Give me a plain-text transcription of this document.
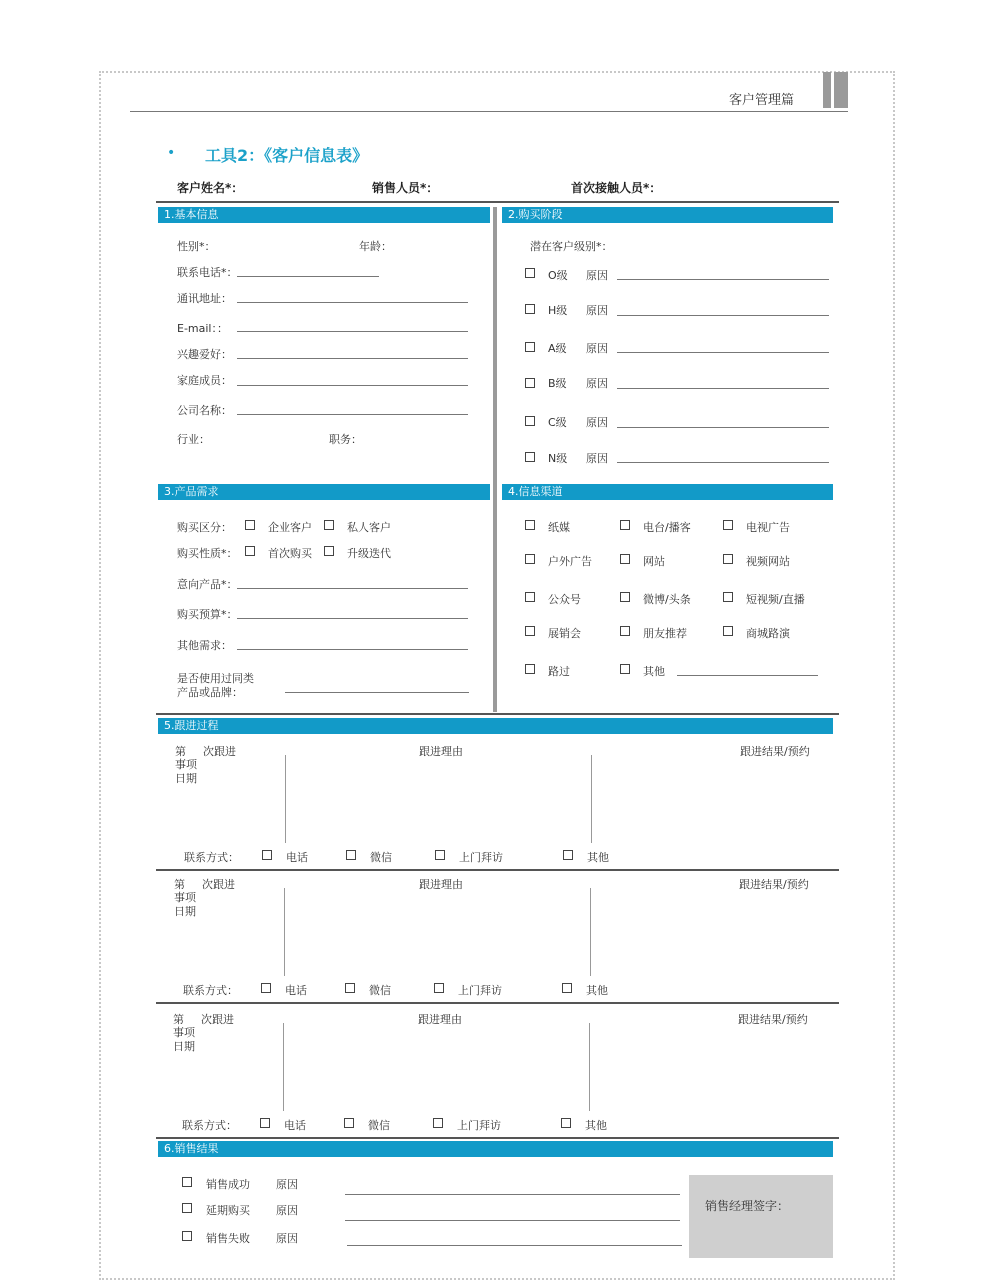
客户管理篇
• 工具2：《客户信息表》
客户姓名*：	销售人员*：	首次接触人员*：
1.基本信息
性别*：	年龄：
联系电话*：
通讯地址：
E-mail：：
兴趣爱好：
家庭成员：
公司名称：
行业：	职务：
2.购买阶段
潜在客户级别*：
O级 原因
H级 原因
A级 原因
B级 原因
C级 原因
N级 原因
3.产品需求
购买区分：	企业客户	私人客户
购买性质*：	首次购买	升级迭代
意向产品*：
购买预算*：
其他需求：
是否使用过同类
产品或品牌：
4.信息渠道
纸媒	电台/播客	电视广告
户外广告	网站	视频网站
公众号	微博/头条	短视频/直播
展销会	朋友推荐	商城路演
路过	其他
5.跟进过程
第 次跟进
事项
日期
跟进理由	跟进结果/预约
联系方式：	电话	微信	上门拜访	其他
第 次跟进
事项
日期
跟进理由	跟进结果/预约
联系方式：	电话	微信	上门拜访	其他
第 次跟进
事项
日期
跟进理由	跟进结果/预约
联系方式：	电话	微信	上门拜访	其他
6.销售结果
销售成功 原因
延期购买 原因
销售失败 原因
销售经理签字：
